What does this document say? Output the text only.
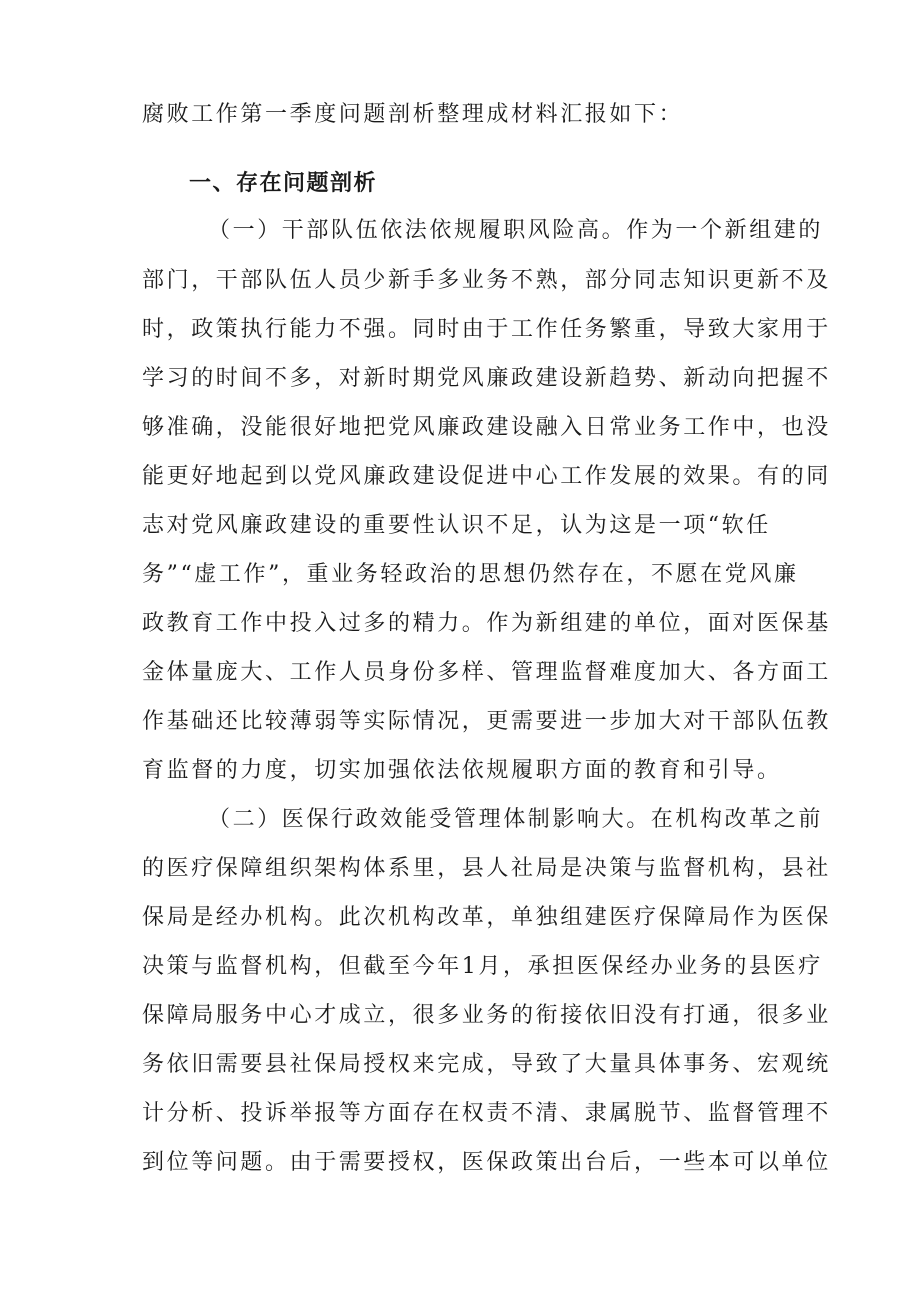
腐败工作第一季度问题剖析整理成材料汇报如下：

一、存在问题剖析

（一）干部队伍依法依规履职风险高。作为一个新组建的

部门，干部队伍人员少新手多业务不熟，部分同志知识更新不及

时，政策执行能力不强。同时由于工作任务繁重，导致大家用于

学习的时间不多，对新时期党风廉政建设新趋势、新动向把握不

够准确，没能很好地把党风廉政建设融入日常业务工作中，也没

能更好地起到以党风廉政建设促进中心工作发展的效果。有的同

志对党风廉政建设的重要性认识不足，认为这是一项“软任

务”“虚工作”，重业务轻政治的思想仍然存在，不愿在党风廉

政教育工作中投入过多的精力。作为新组建的单位，面对医保基

金体量庞大、工作人员身份多样、管理监督难度加大、各方面工

作基础还比较薄弱等实际情况，更需要进一步加大对干部队伍教

育监督的力度，切实加强依法依规履职方面的教育和引导。

（二）医保行政效能受管理体制影响大。在机构改革之前

的医疗保障组织架构体系里，县人社局是决策与监督机构，县社

保局是经办机构。此次机构改革，单独组建医疗保障局作为医保

决策与监督机构，但截至今年1月，承担医保经办业务的县医疗

保障局服务中心才成立，很多业务的衔接依旧没有打通，很多业

务依旧需要县社保局授权来完成，导致了大量具体事务、宏观统

计分析、投诉举报等方面存在权责不清、隶属脱节、监督管理不

到位等问题。由于需要授权，医保政策出台后，一些本可以单位
